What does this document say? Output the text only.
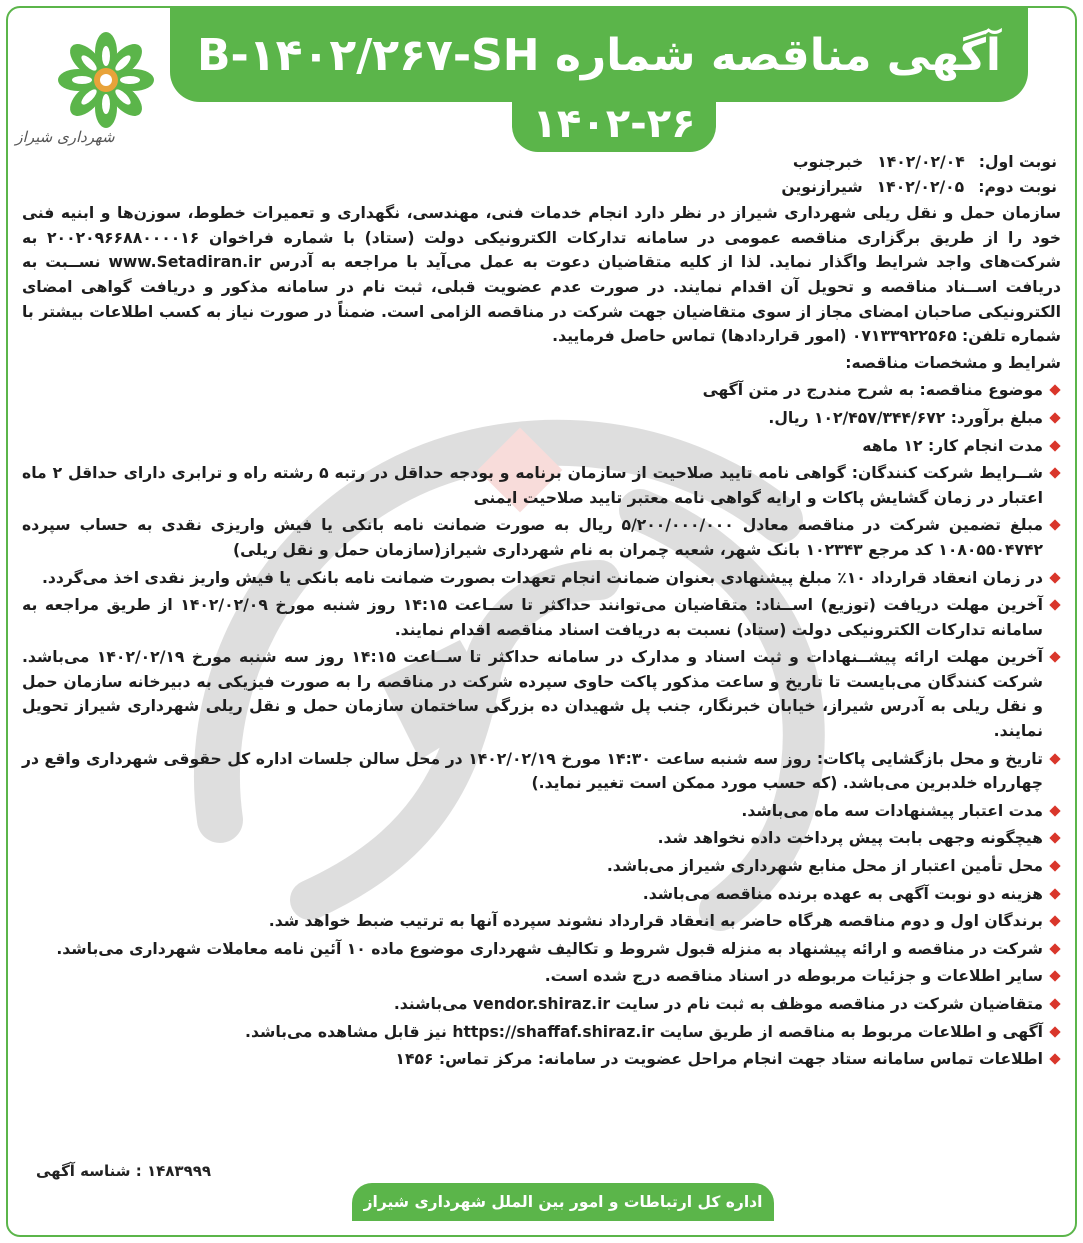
شهرداری شیراز
آگهی مناقصه شماره B-۱۴۰۲/۲۶۷-SH
۱۴۰۲-۲۶
نوبت اول:
۱۴۰۲/۰۲/۰۴
خبرجنوب
نوبت دوم:
۱۴۰۲/۰۲/۰۵
شیرازنوین

سازمان حمل و نقل ریلی شهرداری شیراز در نظر دارد انجام خدمات فنی، مهندسی، نگهداری و تعمیرات خطوط، سوزن‌ها و ابنیه فنی خود را از طریق برگزاری مناقصه عمومی در سامانه تدارکات الکترونیکی دولت (ستاد) با شماره فراخوان ۲۰۰۲۰۹۶۶۸۸۰۰۰۰۱۶ به شرکت‌های واجد شرایط واگذار نماید. لذا از کلیه متقاضیان دعوت به عمل می‌آید با مراجعه به آدرس www.Setadiran.ir نســبت به دریافت اســناد مناقصه و تحویل آن اقدام نمایند. در صورت عدم عضویت قبلی، ثبت نام در سامانه مذکور و دریافت گواهی امضای الکترونیکی صاحبان امضای مجاز از سوی متقاضیان جهت شرکت در مناقصه الزامی است. ضمناً در صورت نیاز به کسب اطلاعات بیشتر با شماره تلفن: ۰۷۱۳۳۹۲۲۵۶۵ (امور قراردادها) تماس حاصل فرمایید.

شرایط و مشخصات مناقصه:
موضوع مناقصه: به شرح مندرج در متن آگهی
مبلغ برآورد: ۱۰۲/۴۵۷/۳۴۴/۶۷۲ ریال.
مدت انجام کار: ۱۲ ماهه
شــرایط شرکت کنندگان: گواهی نامه تایید صلاحیت از سازمان برنامه و بودجه حداقل در رتبه ۵ رشته راه و ترابری دارای حداقل ۲ ماه اعتبار در زمان گشایش پاکات و ارایه گواهی نامه معتبر تایید صلاحیت ایمنی
مبلغ تضمین شرکت در مناقصه معادل ۵/۲۰۰/۰۰۰/۰۰۰ ریال به صورت ضمانت نامه بانکی یا فیش واریزی نقدی به حساب سپرده ۱۰۸۰۵۵۰۴۷۴۲ کد مرجع ۱۰۲۳۴۳ بانک شهر، شعبه چمران به نام شهرداری شیراز(سازمان حمل و نقل ریلی)
در زمان انعقاد قرارداد ۱۰٪ مبلغ پیشنهادی بعنوان ضمانت انجام تعهدات بصورت ضمانت نامه بانکی یا فیش واریز نقدی اخذ می‌گردد.
آخرین مهلت دریافت (توزیع) اســناد: متقاضیان می‌توانند حداکثر تا ســاعت ۱۴:۱۵ روز شنبه مورخ ۱۴۰۲/۰۲/۰۹ از طریق مراجعه به سامانه تدارکات الکترونیکی دولت (ستاد) نسبت به دریافت اسناد مناقصه اقدام نمایند.
آخرین مهلت ارائه پیشــنهادات و ثبت اسناد و مدارک در سامانه حداکثر تا ســاعت ۱۴:۱۵ روز سه شنبه مورخ ۱۴۰۲/۰۲/۱۹ می‌باشد. شرکت کنندگان می‌بایست تا تاریخ و ساعت مذکور پاکت حاوی سپرده شرکت در مناقصه را به صورت فیزیکی به دبیرخانه سازمان حمل و نقل ریلی به آدرس شیراز، خیابان خبرنگار، جنب پل شهیدان ده بزرگی ساختمان سازمان حمل و نقل ریلی شهرداری شیراز تحویل نمایند.
تاریخ و محل بازگشایی پاکات: روز سه شنبه ساعت ۱۴:۳۰ مورخ ۱۴۰۲/۰۲/۱۹ در محل سالن جلسات اداره کل حقوقی شهرداری واقع در چهارراه خلدبرین می‌باشد. (که حسب مورد ممکن است تغییر نماید.)
مدت اعتبار پیشنهادات سه ماه می‌باشد.
هیچگونه وجهی بابت پیش پرداخت داده نخواهد شد.
محل تأمین اعتبار از محل منابع شهرداری شیراز می‌باشد.
هزینه دو نوبت آگهی به عهده برنده مناقصه می‌باشد.
برندگان اول و دوم مناقصه هرگاه حاضر به انعقاد قرارداد نشوند سپرده آنها به ترتیب ضبط خواهد شد.
شرکت در مناقصه و ارائه پیشنهاد به منزله قبول شروط و تکالیف شهرداری موضوع ماده ۱۰ آئین نامه معاملات شهرداری می‌باشد.
سایر اطلاعات و جزئیات مربوطه در اسناد مناقصه درج شده است.
متقاضیان شرکت در مناقصه موظف به ثبت نام در سایت vendor.shiraz.ir می‌باشند.
آگهی و اطلاعات مربوط به مناقصه از طریق سایت https://shaffaf.shiraz.ir نیز قابل مشاهده می‌باشد.
اطلاعات تماس سامانه ستاد جهت انجام مراحل عضویت در سامانه: مرکز تماس: ۱۴۵۶
۱۴۸۳۹۹۹ : شناسه آگهی
اداره کل ارتباطات و امور بین الملل شهرداری شیراز
